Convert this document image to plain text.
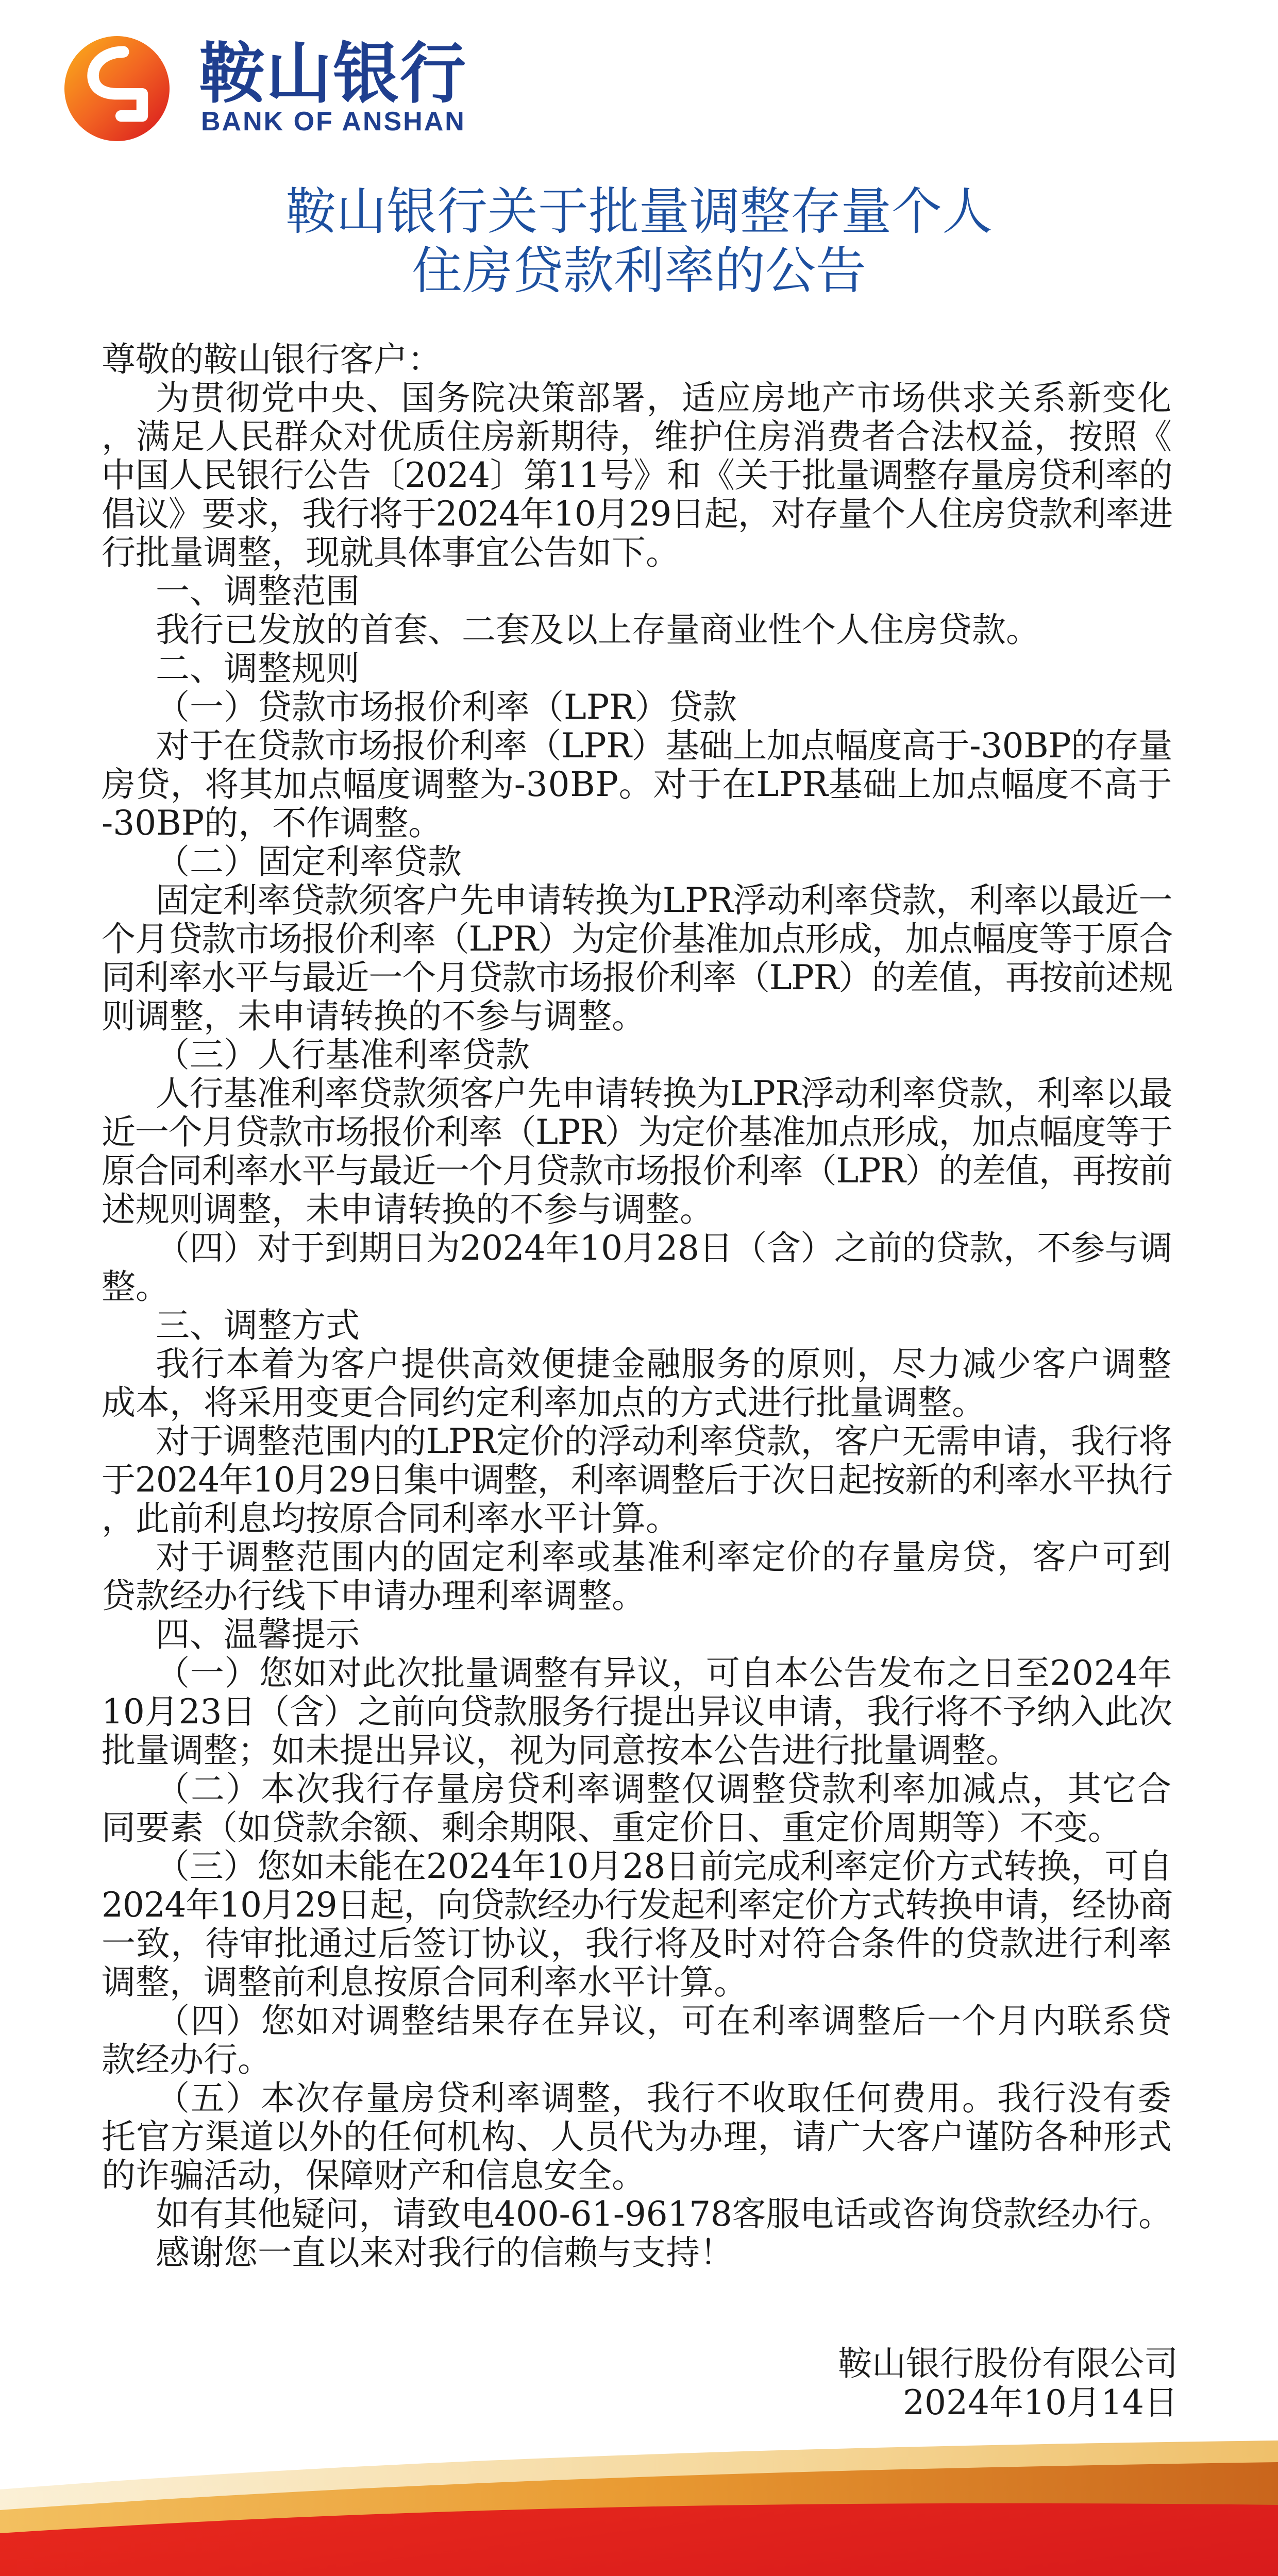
鞍山银行
BANK OF ANSHAN
鞍山银行关于批量调整存量个人
住房贷款利率的公告
尊敬的鞍山银行客户：
为贯彻党中央、国务院决策部署，适应房地产市场供求关系新变化
，满足人民群众对优质住房新期待，维护住房消费者合法权益，按照《
中国人民银行公告〔2024〕第11号》和《关于批量调整存量房贷利率的
倡议》要求，我行将于2024年10月29日起，对存量个人住房贷款利率进
行批量调整，现就具体事宜公告如下。
一、调整范围
我行已发放的首套、二套及以上存量商业性个人住房贷款。
二、调整规则
（一）贷款市场报价利率（LPR）贷款
对于在贷款市场报价利率（LPR）基础上加点幅度高于-30BP的存量
房贷，将其加点幅度调整为-30BP。对于在LPR基础上加点幅度不高于
-30BP的，不作调整。
（二）固定利率贷款
固定利率贷款须客户先申请转换为LPR浮动利率贷款，利率以最近一
个月贷款市场报价利率（LPR）为定价基准加点形成，加点幅度等于原合
同利率水平与最近一个月贷款市场报价利率（LPR）的差值，再按前述规
则调整，未申请转换的不参与调整。
（三）人行基准利率贷款
人行基准利率贷款须客户先申请转换为LPR浮动利率贷款，利率以最
近一个月贷款市场报价利率（LPR）为定价基准加点形成，加点幅度等于
原合同利率水平与最近一个月贷款市场报价利率（LPR）的差值，再按前
述规则调整，未申请转换的不参与调整。
（四）对于到期日为2024年10月28日（含）之前的贷款，不参与调
整。
三、调整方式
我行本着为客户提供高效便捷金融服务的原则，尽力减少客户调整
成本，将采用变更合同约定利率加点的方式进行批量调整。
对于调整范围内的LPR定价的浮动利率贷款，客户无需申请，我行将
于2024年10月29日集中调整，利率调整后于次日起按新的利率水平执行
，此前利息均按原合同利率水平计算。
对于调整范围内的固定利率或基准利率定价的存量房贷，客户可到
贷款经办行线下申请办理利率调整。
四、温馨提示
（一）您如对此次批量调整有异议，可自本公告发布之日至2024年
10月23日（含）之前向贷款服务行提出异议申请，我行将不予纳入此次
批量调整；如未提出异议，视为同意按本公告进行批量调整。
（二）本次我行存量房贷利率调整仅调整贷款利率加减点，其它合
同要素（如贷款余额、剩余期限、重定价日、重定价周期等）不变。
（三）您如未能在2024年10月28日前完成利率定价方式转换，可自
2024年10月29日起，向贷款经办行发起利率定价方式转换申请，经协商
一致，待审批通过后签订协议，我行将及时对符合条件的贷款进行利率
调整，调整前利息按原合同利率水平计算。
（四）您如对调整结果存在异议，可在利率调整后一个月内联系贷
款经办行。
（五）本次存量房贷利率调整，我行不收取任何费用。我行没有委
托官方渠道以外的任何机构、人员代为办理，请广大客户谨防各种形式
的诈骗活动，保障财产和信息安全。
如有其他疑问，请致电400-61-96178客服电话或咨询贷款经办行。
感谢您一直以来对我行的信赖与支持！
鞍山银行股份有限公司
2024年10月14日
